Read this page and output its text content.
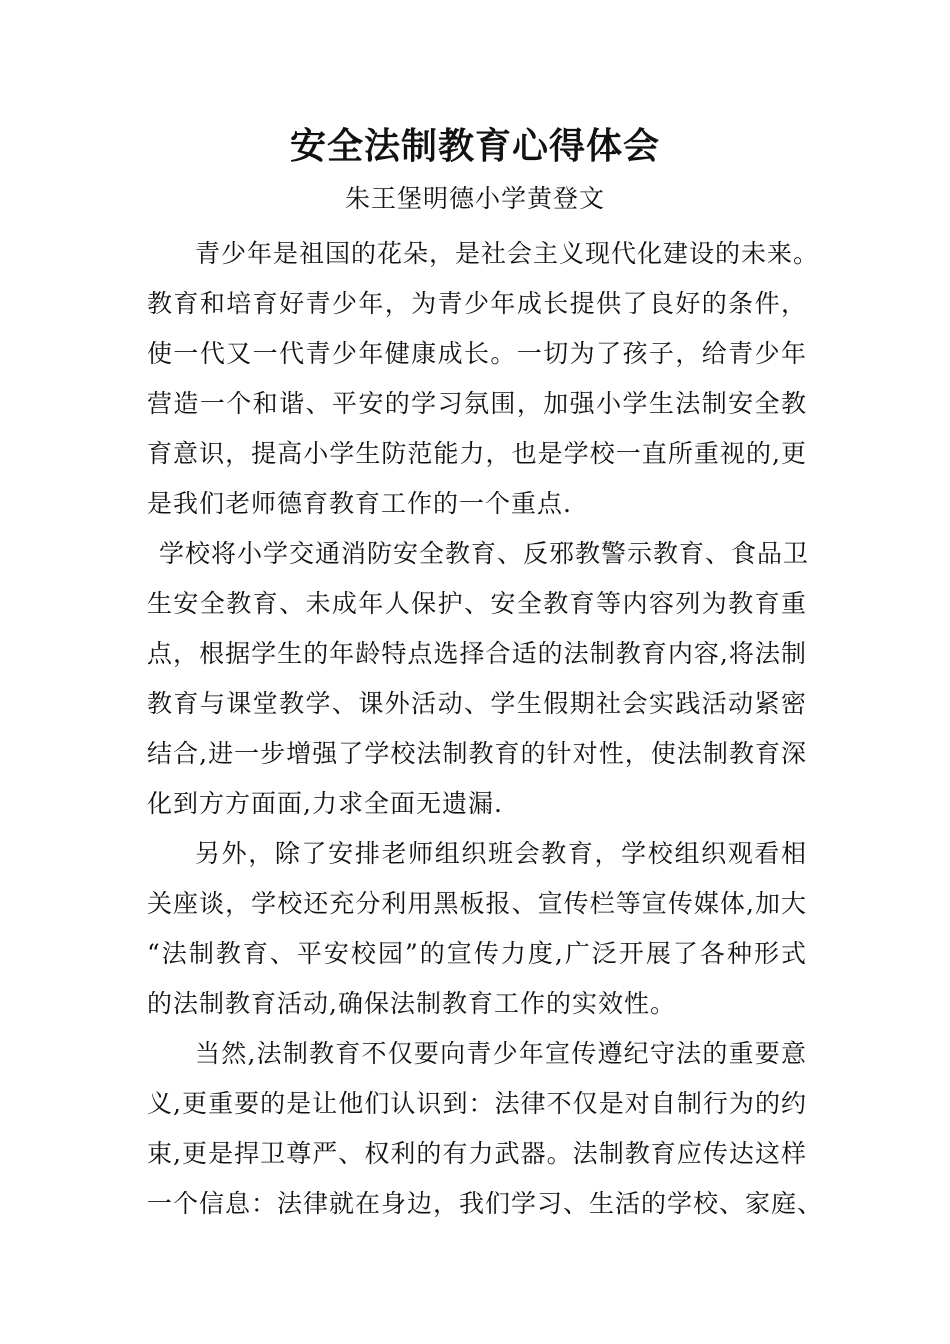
安全法制教育心得体会
朱王堡明德小学黄登文
青少年是祖国的花朵，是社会主义现代化建设的未来。
教育和培育好青少年，为青少年成长提供了良好的条件，
使一代又一代青少年健康成长。一切为了孩子，给青少年
营造一个和谐、平安的学习氛围，加强小学生法制安全教
育意识，提高小学生防范能力，也是学校一直所重视的,更
是我们老师德育教育工作的一个重点.
学校将小学交通消防安全教育、反邪教警示教育、食品卫
生安全教育、未成年人保护、安全教育等内容列为教育重
点，根据学生的年龄特点选择合适的法制教育内容,将法制
教育与课堂教学、课外活动、学生假期社会实践活动紧密
结合,进一步增强了学校法制教育的针对性，使法制教育深
化到方方面面,力求全面无遗漏.
另外，除了安排老师组织班会教育，学校组织观看相
关座谈，学校还充分利用黑板报、宣传栏等宣传媒体,加大
“法制教育、平安校园”的宣传力度,广泛开展了各种形式
的法制教育活动,确保法制教育工作的实效性。
当然,法制教育不仅要向青少年宣传遵纪守法的重要意
义,更重要的是让他们认识到：法律不仅是对自制行为的约
束,更是捍卫尊严、权利的有力武器。法制教育应传达这样
一个信息：法律就在身边，我们学习、生活的学校、家庭、
